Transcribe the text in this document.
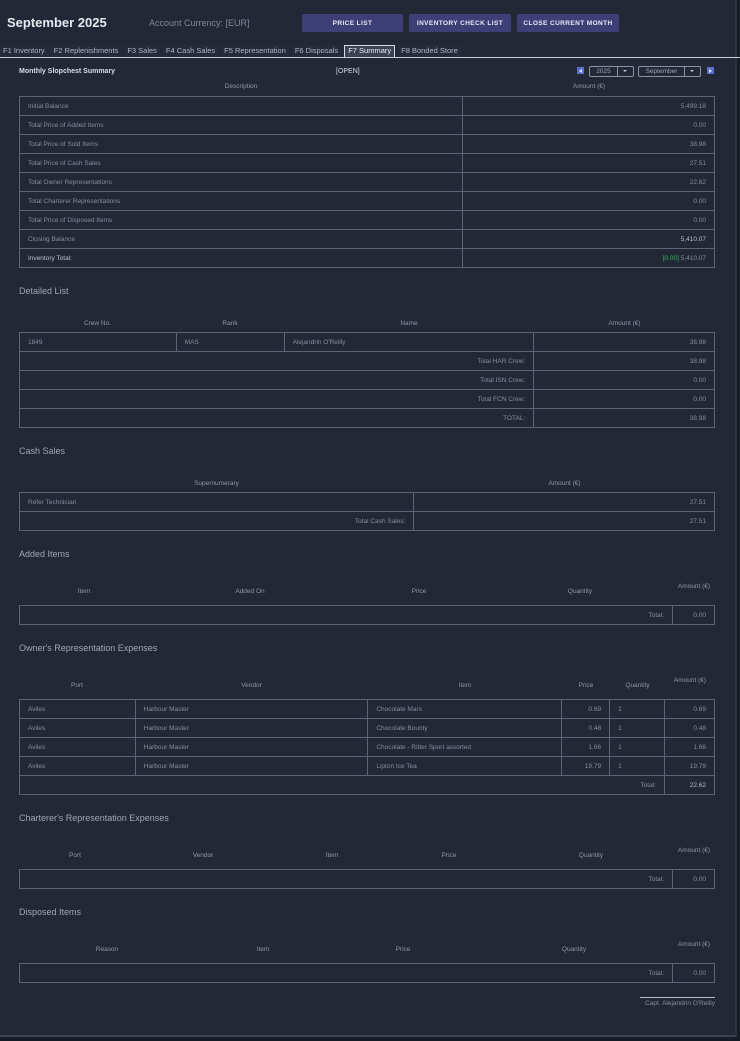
September 2025	Account Currency: [EUR]	PRICE LIST	INVENTORY CHECK LIST	CLOSE CURRENT MONTH
F1 Inventory	F2 Replenishments	F3 Sales	F4 Cash Sales	F5 Representation	F6 Disposals	F7 Summary	F8 Bonded Store
Monthly Slopchest Summary	[OPEN]	2025	September
Description	Amount (€)
Initial Balance	5,499.18
Total Price of Added Items	0.00
Total Price of Sold Items	38.98
Total Price of Cash Sales	27.51
Total Owner Representations	22.62
Total Charterer Representations	0.00
Total Price of Disposed Items	0.00
Closing Balance	5,410.07
Inventory Total:	[0.00] 5,410.07
Detailed List
Crew No.	Rank	Name	Amount (€)
1849	MAS	Alejandrin O'Reilly	38.98
Total HAR Crew:			38.98
Total ISN Crew:			0.00
Total FCN Crew:			0.00
TOTAL:			38.98
Cash Sales
Supernumerary	Amount (€)
Refer Technician	27.51
Total Cash Sales:	27.51
Added Items
Item	Added On	Price	Quantity
Amount (€)
Total:	0.00
Owner's Representation Expenses
Port	Vendor	Item	Price	Quantity
Amount (€)
Aviles	Harbour Master	Chocolate Mars	0.69	1	0.69
Aviles	Harbour Master	Chocolate Bounty	0.48	1	0.48
Aviles	Harbour Master	Chocolate - Ritter Sport assorted	1.66	1	1.66
Aviles	Harbour Master	Lipton Ice Tea	19.79	1	19.79
Total:					22.62
Charterer's Representation Expenses
Port	Vendor	Item	Price	Quantity
Amount (€)
Total:	0.00
Disposed Items
Reason	Item	Price	Quantity
Amount (€)
Total:	0.00
Capt. Alejandrin O'Reilly
